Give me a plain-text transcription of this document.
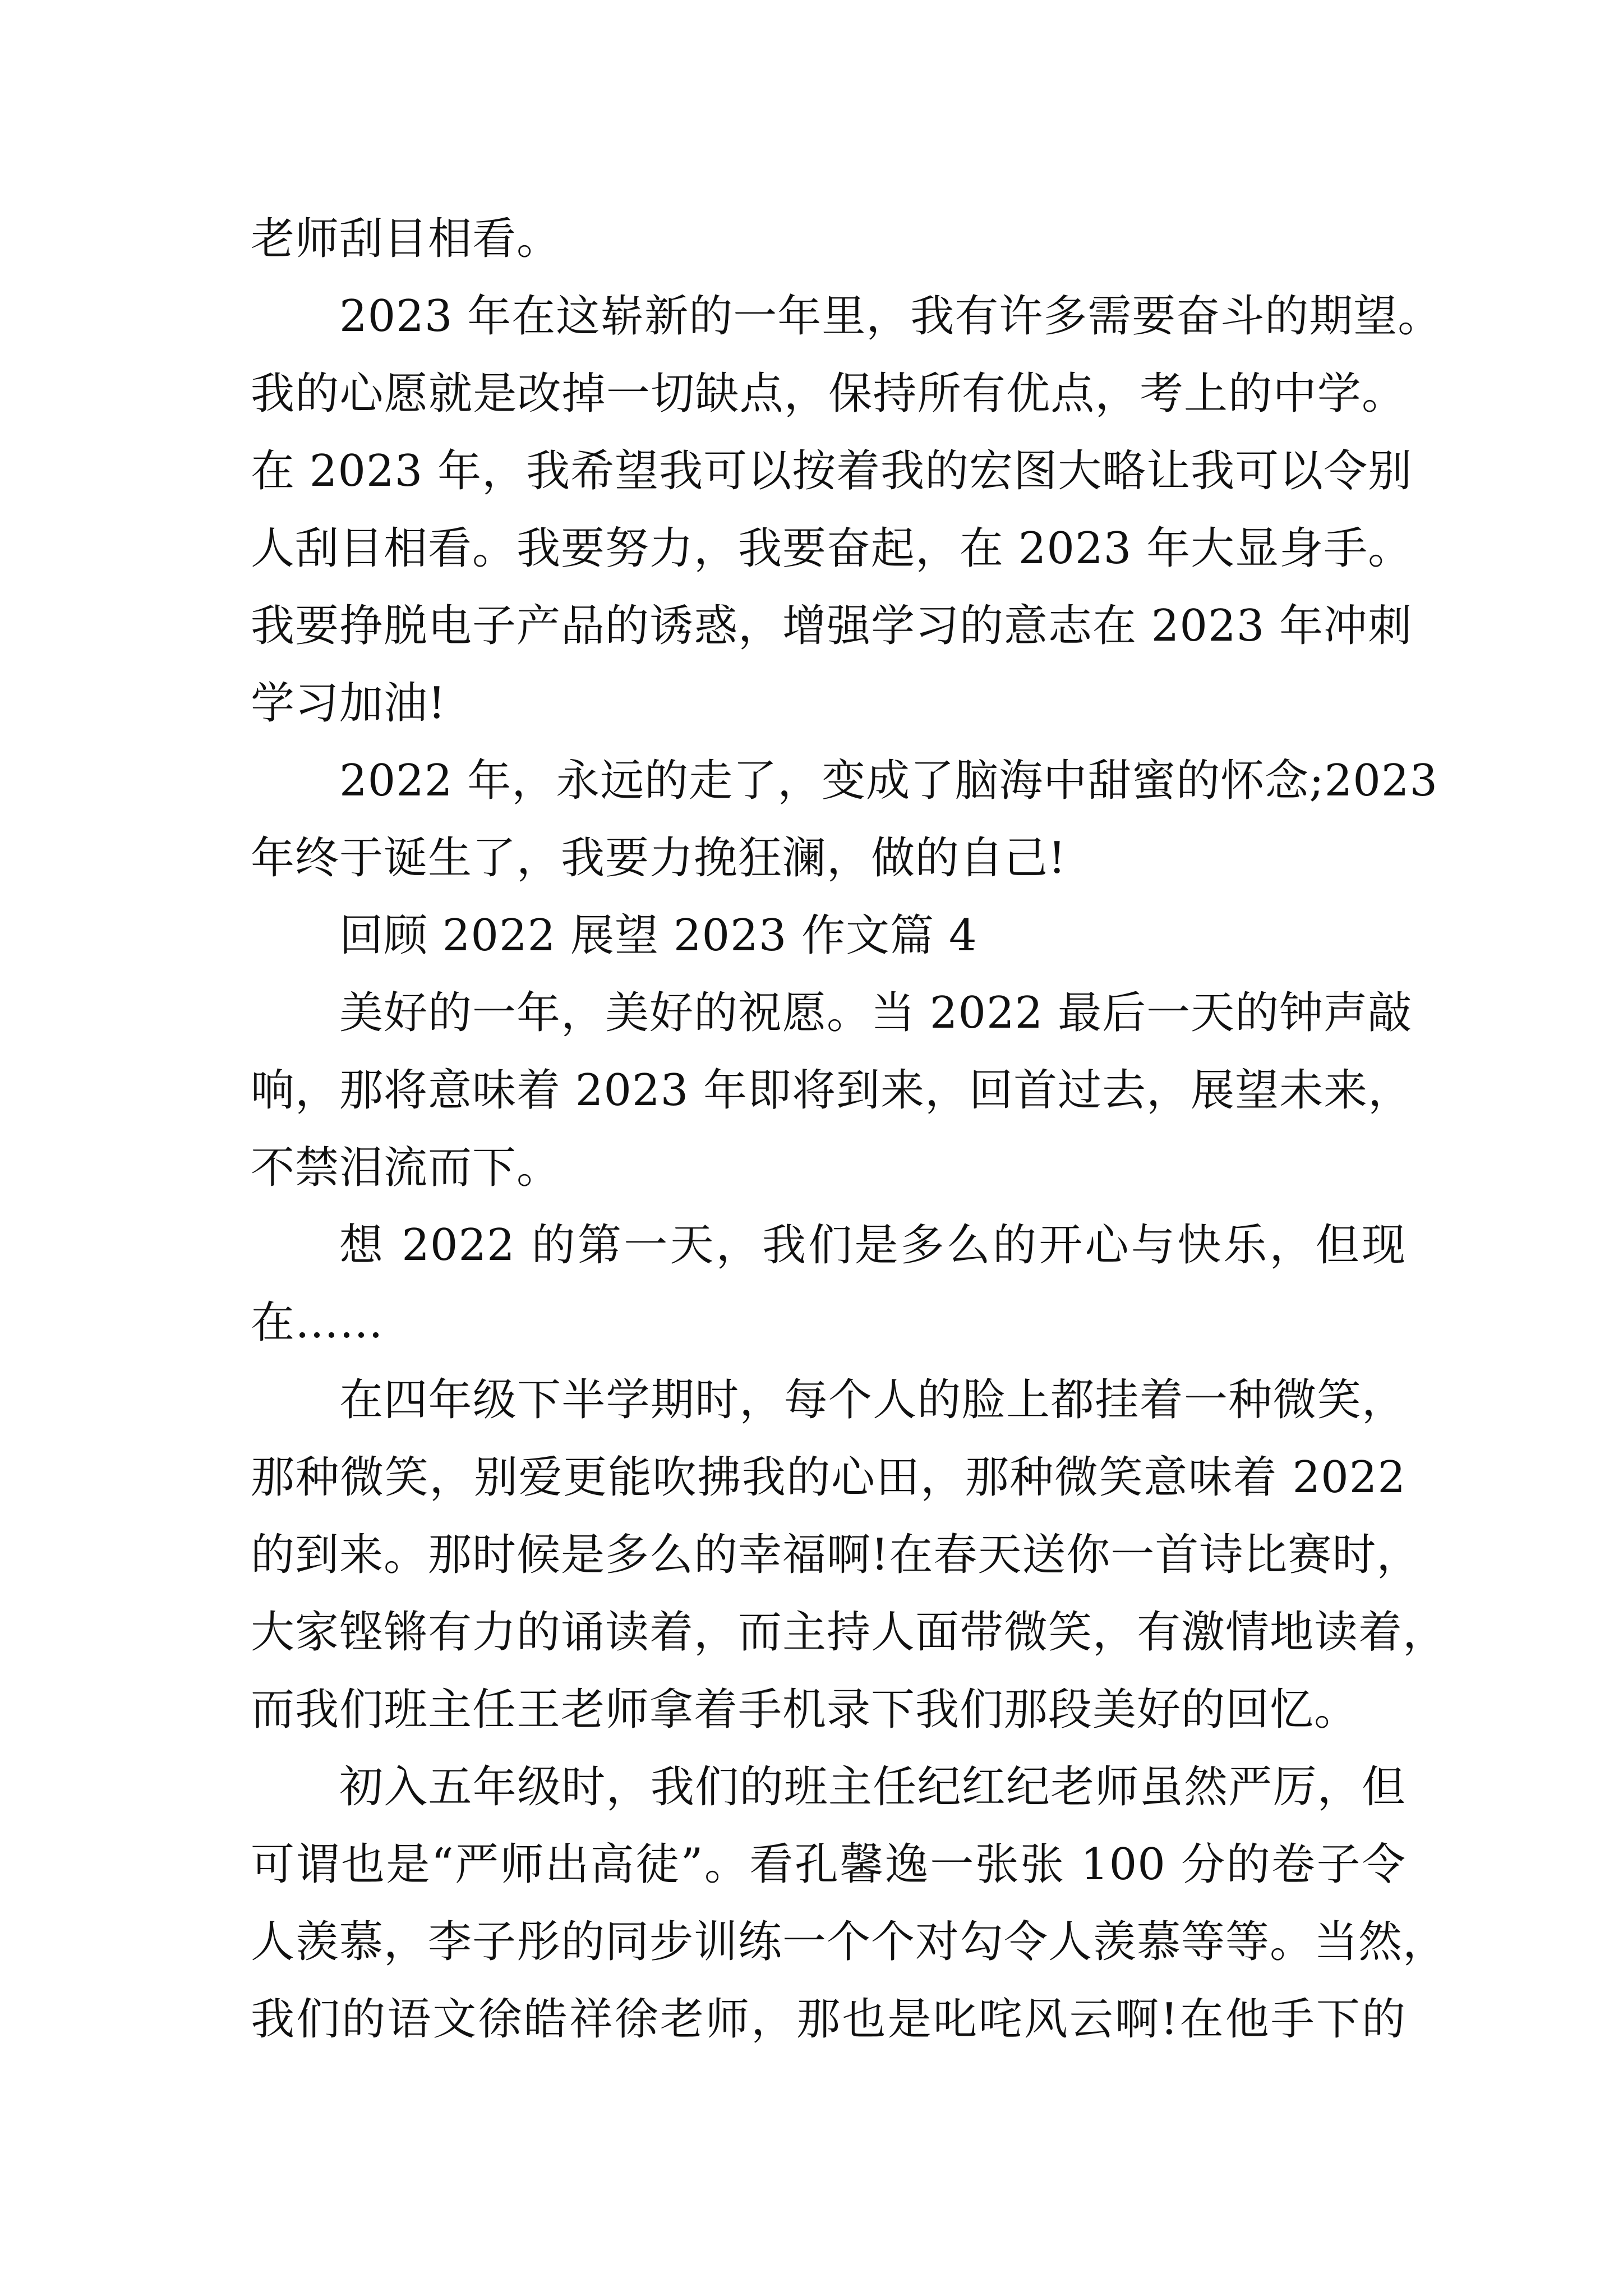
老师刮目相看。
2023 年在这崭新的一年里，我有许多需要奋斗的期望。
我的心愿就是改掉一切缺点，保持所有优点，考上的中学。
在 2023 年，我希望我可以按着我的宏图大略让我可以令别
人刮目相看。我要努力，我要奋起，在 2023 年大显身手。
我要挣脱电子产品的诱惑，增强学习的意志在 2023 年冲刺
学习加油!
2022 年，永远的走了，变成了脑海中甜蜜的怀念;2023
年终于诞生了，我要力挽狂澜，做的自己!
回顾 2022 展望 2023 作文篇 4
美好的一年，美好的祝愿。当 2022 最后一天的钟声敲
响，那将意味着 2023 年即将到来，回首过去，展望未来，
不禁泪流而下。
想 2022 的第一天，我们是多么的开心与快乐，但现
在……
在四年级下半学期时，每个人的脸上都挂着一种微笑，
那种微笑，别爱更能吹拂我的心田，那种微笑意味着 2022
的到来。那时候是多么的幸福啊!在春天送你一首诗比赛时，
大家铿锵有力的诵读着，而主持人面带微笑，有激情地读着，
而我们班主任王老师拿着手机录下我们那段美好的回忆。
初入五年级时，我们的班主任纪红纪老师虽然严厉，但
可谓也是“严师出高徒”。看孔馨逸一张张 100 分的卷子令
人羡慕，李子彤的同步训练一个个对勾令人羡慕等等。当然，
我们的语文徐皓祥徐老师，那也是叱咤风云啊!在他手下的
